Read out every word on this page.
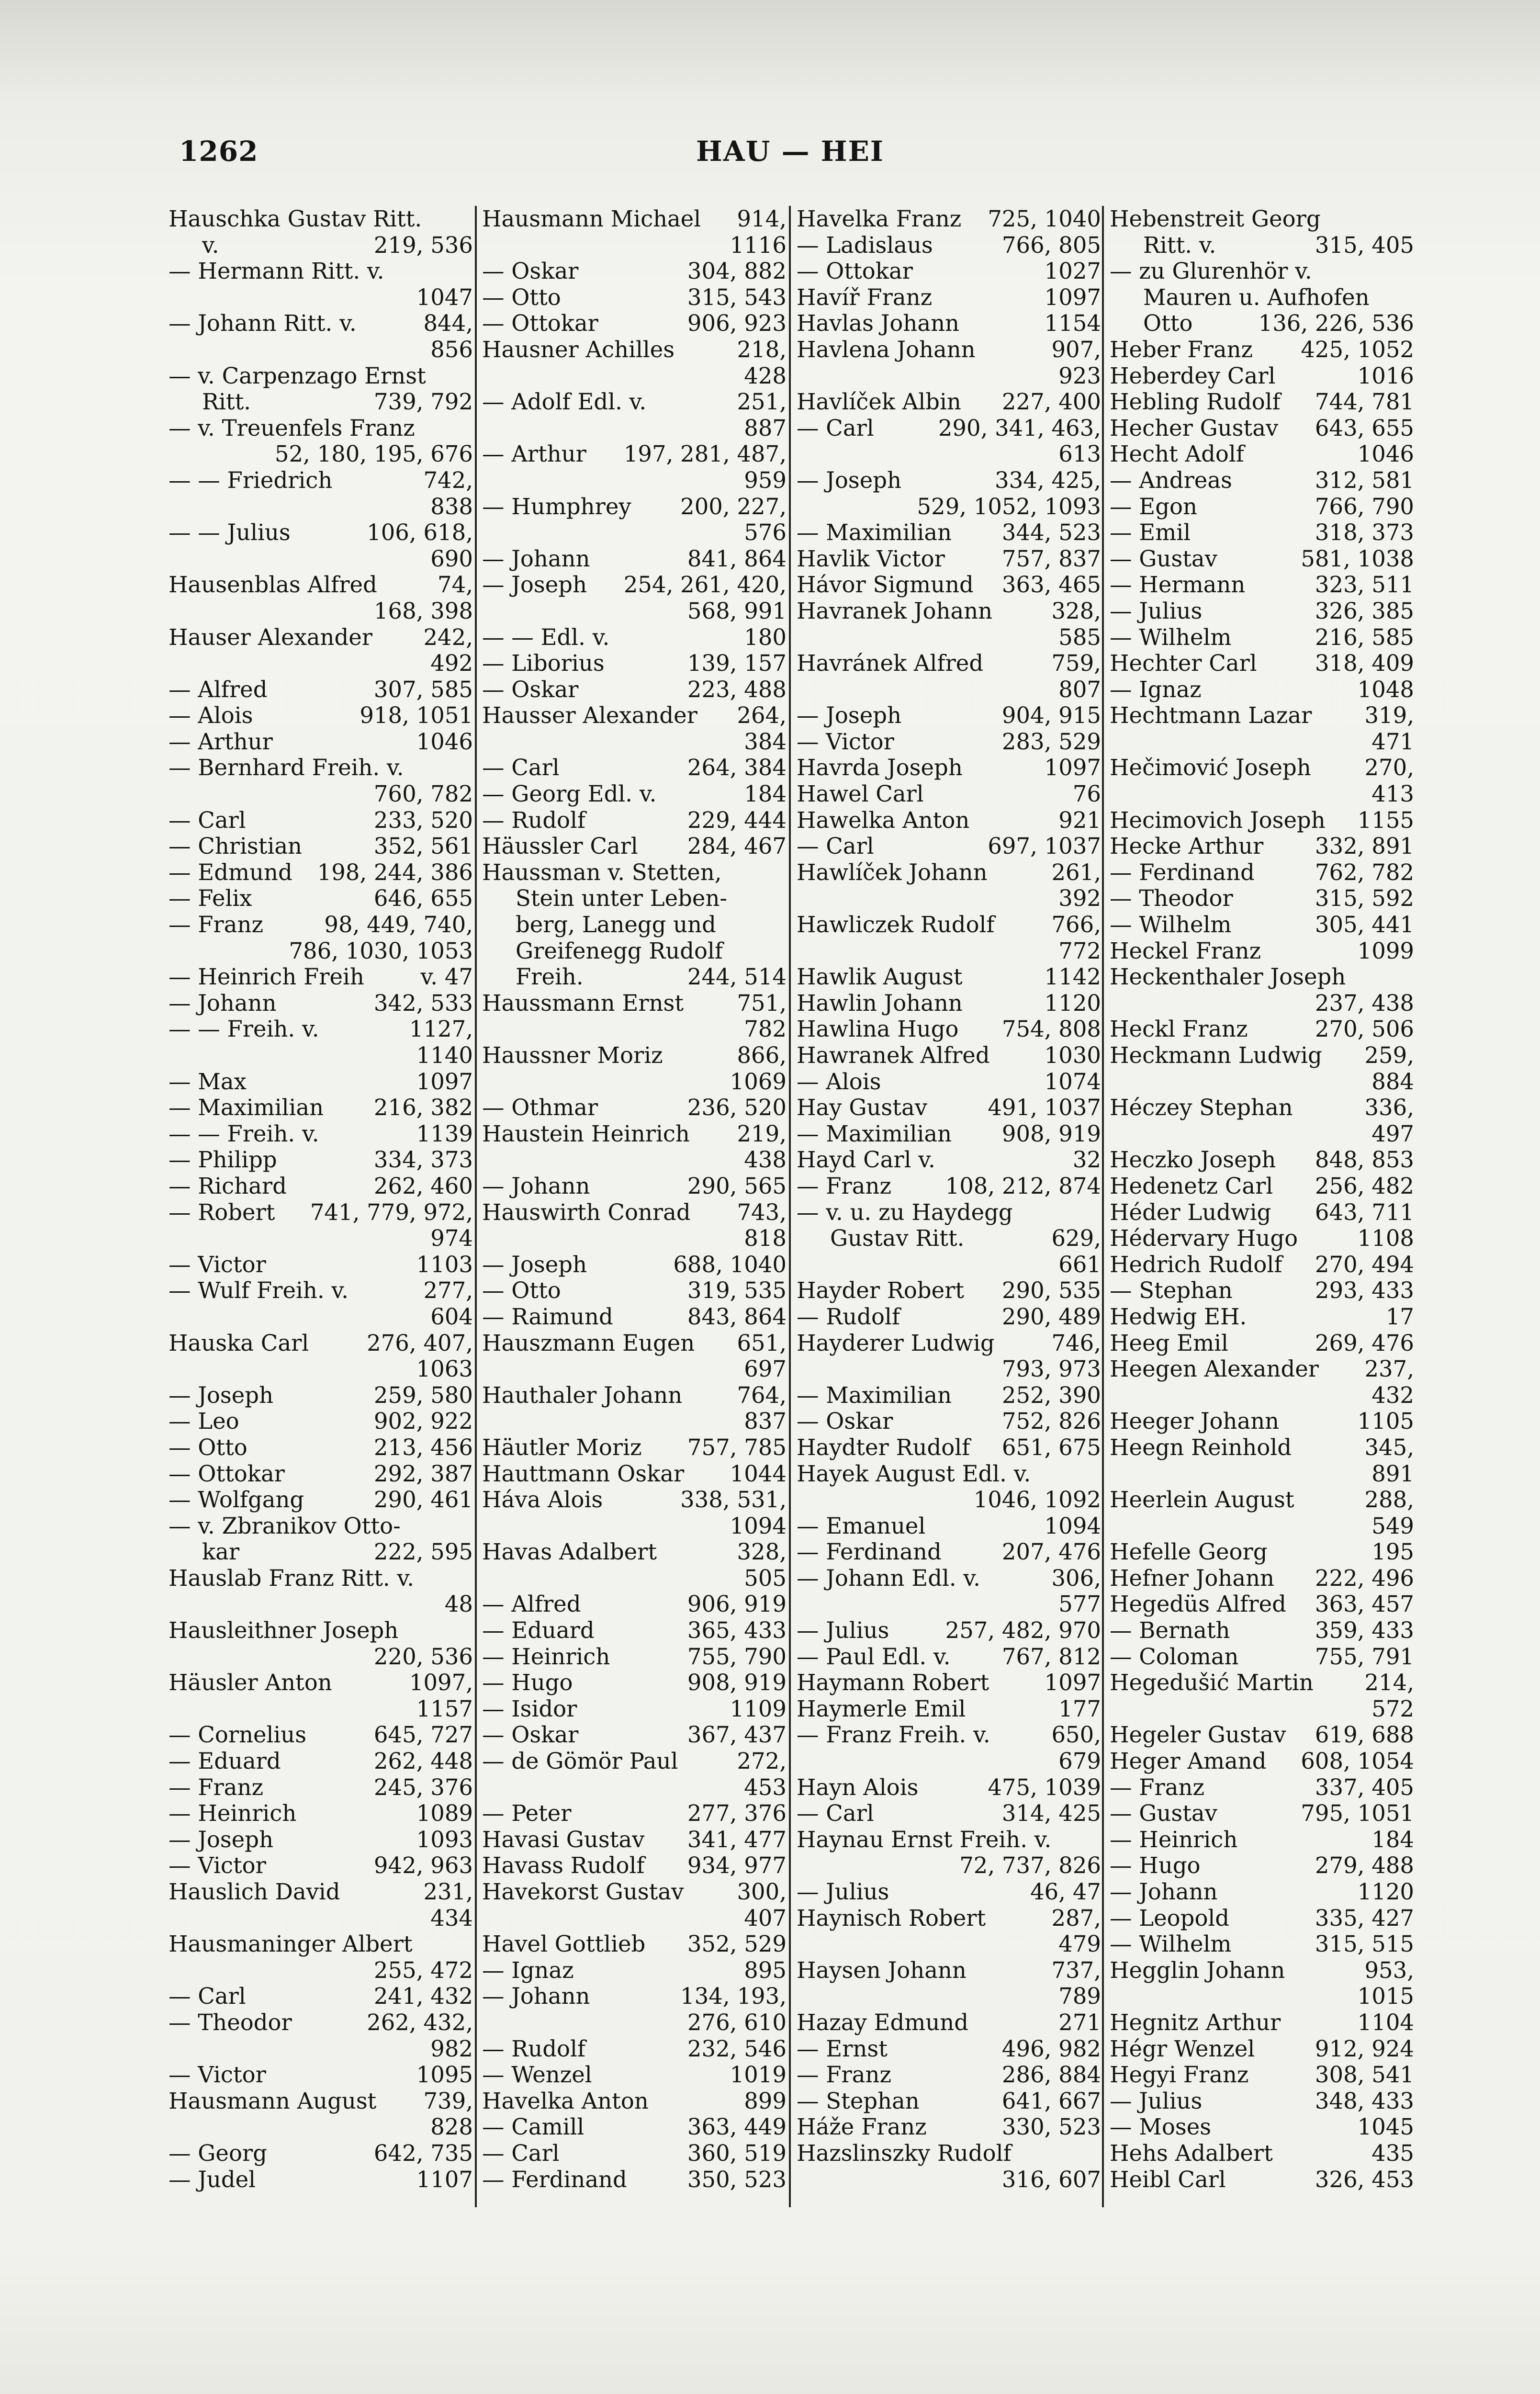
1262	HAU — HEI
Hauschka Gustav Ritt.
v.	219, 536
— Hermann Ritt. v.
1047
— Johann Ritt. v.	844,
856
— v. Carpenzago Ernst
Ritt.	739, 792
— v. Treuenfels Franz
52, 180, 195, 676
— — Friedrich	742,
838
— — Julius	106, 618,
690
Hausenblas Alfred	74,
168, 398
Hauser Alexander 242,
492
— Alfred	307, 585
— Alois	918, 1051
— Arthur	1046
— Bernhard Freih. v.
760, 782
— Carl	233, 520
— Christian	352, 561
— Edmund 198, 244, 386
— Felix	646, 655
— Franz	98, 449, 740,
786, 1030, 1053
— Heinrich Freih	v. 47
— Johann	342, 533
— — Freih. v.	1127,
1140
— Max	1097
— Maximilian 216, 382
— — Freih. v.	1139
— Philipp	334, 373
— Richard	262, 460
— Robert 741, 779, 972,
974
— Victor	1103
— Wulf Freih. v.	277,
604
Hauska Carl	276, 407,
1063
— Joseph	259, 580
— Leo	902, 922
— Otto	213, 456
— Ottokar	292, 387
— Wolfgang	290, 461
— v. Zbranikov Otto-
kar	222, 595
Hauslab Franz Ritt. v.
48
Hausleithner Joseph
220, 536
Häusler Anton	1097,
1157
— Cornelius	645, 727
— Eduard	262, 448
— Franz	245, 376
— Heinrich	1089
— Joseph	1093
— Victor	942, 963
Hauslich David	231,
434
Hausmaninger Albert
255, 472
— Carl	241, 432
— Theodor	262, 432,
982
— Victor	1095
Hausmann August 739,
828
— Georg	642, 735
— Judel	1107
Hausmann Michael 914,
1116
— Oskar	304, 882
— Otto	315, 543
— Ottokar	906, 923
Hausner Achilles	218,
428
— Adolf Edl. v.	251,
887
— Arthur 197, 281, 487,
959
— Humphrey 200, 227,
576
— Johann	841, 864
— Joseph 254, 261, 420,
568, 991
— — Edl. v.	180
— Liborius	139, 157
— Oskar	223, 488
Hausser Alexander 264,
384
— Carl	264, 384
— Georg Edl. v.	184
— Rudolf	229, 444
Häussler Carl 284, 467
Haussman v. Stetten,
Stein unter Leben-
berg, Lanegg und
Greifenegg Rudolf
Freih.	244, 514
Haussmann Ernst 751,
782
Haussner Moriz	866,
1069
— Othmar	236, 520
Haustein Heinrich 219,
438
— Johann	290, 565
Hauswirth Conrad 743,
818
— Joseph	688, 1040
— Otto	319, 535
— Raimund	843, 864
Hauszmann Eugen 651,
697
Hauthaler Johann 764,
837
Häutler Moriz 757, 785
Hauttmann Oskar 1044
Háva Alois	338, 531,
1094
Havas Adalbert	328,
505
— Alfred	906, 919
— Eduard	365, 433
— Heinrich	755, 790
— Hugo	908, 919
— Isidor	1109
— Oskar	367, 437
— de Gömör Paul	272,
453
— Peter	277, 376
Havasi Gustav 341, 477
Havass Rudolf 934, 977
Havekorst Gustav 300,
407
Havel Gottlieb 352, 529
— Ignaz	895
— Johann	134, 193,
276, 610
— Rudolf	232, 546
— Wenzel	1019
Havelka Anton	899
— Camill	363, 449
— Carl	360, 519
— Ferdinand	350, 523
Havelka Franz 725, 1040
— Ladislaus	766, 805
— Ottokar	1027
Havíř Franz	1097
Havlas Johann	1154
Havlena Johann	907,
923
Havlíček Albin 227, 400
— Carl	290, 341, 463,
613
— Joseph	334, 425,
529, 1052, 1093
— Maximilian 344, 523
Havlik Victor	757, 837
Hávor Sigmund 363, 465
Havranek Johann	328,
585
Havránek Alfred	759,
807
— Joseph	904, 915
— Victor	283, 529
Havrda Joseph	1097
Hawel Carl	76
Hawelka Anton	921
— Carl	697, 1037
Hawlíček Johann	261,
392
Hawliczek Rudolf	766,
772
Hawlik August	1142
Hawlin Johann	1120
Hawlina Hugo 754, 808
Hawranek Alfred 1030
— Alois	1074
Hay Gustav	491, 1037
— Maximilian 908, 919
Hayd Carl v.	32
— Franz 108, 212, 874
— v. u. zu Haydegg
Gustav Ritt.	629,
661
Hayder Robert 290, 535
— Rudolf	290, 489
Hayderer Ludwig	746,
793, 973
— Maximilian 252, 390
— Oskar	752, 826
Haydter Rudolf 651, 675
Hayek August Edl. v.
1046, 1092
— Emanuel	1094
— Ferdinand	207, 476
— Johann Edl. v.	306,
577
— Julius	257, 482, 970
— Paul Edl. v. 767, 812
Haymann Robert 1097
Haymerle Emil	177
— Franz Freih. v.	650,
679
Hayn Alois	475, 1039
— Carl	314, 425
Haynau Ernst Freih. v.
72, 737, 826
— Julius	46, 47
Haynisch Robert	287,
479
Haysen Johann	737,
789
Hazay Edmund	271
— Ernst	496, 982
— Franz	286, 884
— Stephan	641, 667
Háže Franz	330, 523
Hazslinszky Rudolf
316, 607
Hebenstreit Georg
Ritt. v.	315, 405
— zu Glurenhör v.
Mauren u. Aufhofen
Otto	136, 226, 536
Heber Franz 425, 1052
Heberdey Carl	1016
Hebling Rudolf 744, 781
Hecher Gustav 643, 655
Hecht Adolf	1046
— Andreas	312, 581
— Egon	766, 790
— Emil	318, 373
— Gustav	581, 1038
— Hermann	323, 511
— Julius	326, 385
— Wilhelm	216, 585
Hechter Carl	318, 409
— Ignaz	1048
Hechtmann Lazar 319,
471
Hečimović Joseph 270,
413
Hecimovich Joseph 1155
Hecke Arthur 332, 891
— Ferdinand	762, 782
— Theodor	315, 592
— Wilhelm	305, 441
Heckel Franz	1099
Heckenthaler Joseph
237, 438
Heckl Franz	270, 506
Heckmann Ludwig 259,
884
Héczey Stephan	336,
497
Heczko Joseph 848, 853
Hedenetz Carl 256, 482
Héder Ludwig 643, 711
Hédervary Hugo	1108
Hedrich Rudolf 270, 494
— Stephan	293, 433
Hedwig EH.	17
Heeg Emil	269, 476
Heegen Alexander 237,
432
Heeger Johann	1105
Heegn Reinhold	345,
891
Heerlein August	288,
549
Hefelle Georg	195
Hefner Johann 222, 496
Hegedüs Alfred 363, 457
— Bernath	359, 433
— Coloman	755, 791
Hegedušić Martin 214,
572
Hegeler Gustav 619, 688
Heger Amand 608, 1054
— Franz	337, 405
— Gustav	795, 1051
— Heinrich	184
— Hugo	279, 488
— Johann	1120
— Leopold	335, 427
— Wilhelm	315, 515
Hegglin Johann	953,
1015
Hegnitz Arthur	1104
Hégr Wenzel	912, 924
Hegyi Franz	308, 541
— Julius	348, 433
— Moses	1045
Hehs Adalbert	435
Heibl Carl	326, 453
